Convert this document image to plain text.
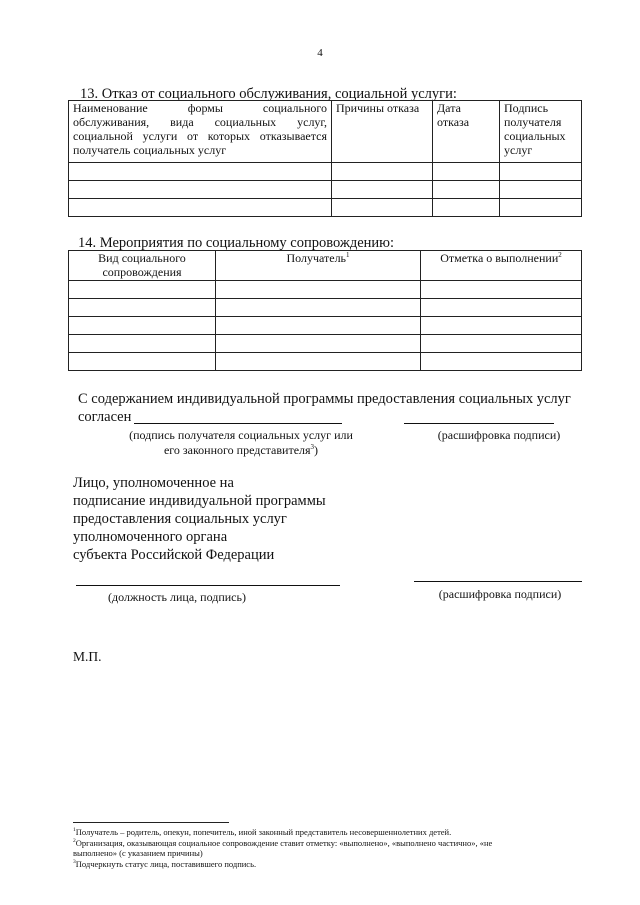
4
13. Отказ от социального обслуживания, социальной услуги:
Наименование формы социального обслуживания, вида социальных услуг, социальной услуги от которых отказывается получатель социальных услуг	Причины отказа	Дата отказа	Подпись получателя социальных услуг

14. Мероприятия по социальному сопровождению:
Вид социального сопровождения	Получатель$^1$	Отметка о выполнении$^2$

С содержанием индивидуальной программы предоставления социальных услуг
согласен
(подпись получателя социальных услуг или
его законного представителя$^3$)
(расшифровка подписи)
Лицо, уполномоченное на
подписание индивидуальной программы
предоставления социальных услуг
уполномоченного органа
субъекта Российской Федерации
(должность лица, подпись)	(расшифровка подписи)
М.П.
$^1$Получатель – родитель, опекун, попечитель, иной законный представитель несовершеннолетних детей.
$^2$Организация, оказывающая социальное сопровождение ставит отметку: «выполнено», «выполнено частично», «не
выполнено» (с указанием причины)
$^3$Подчеркнуть статус лица, поставившего подпись.
